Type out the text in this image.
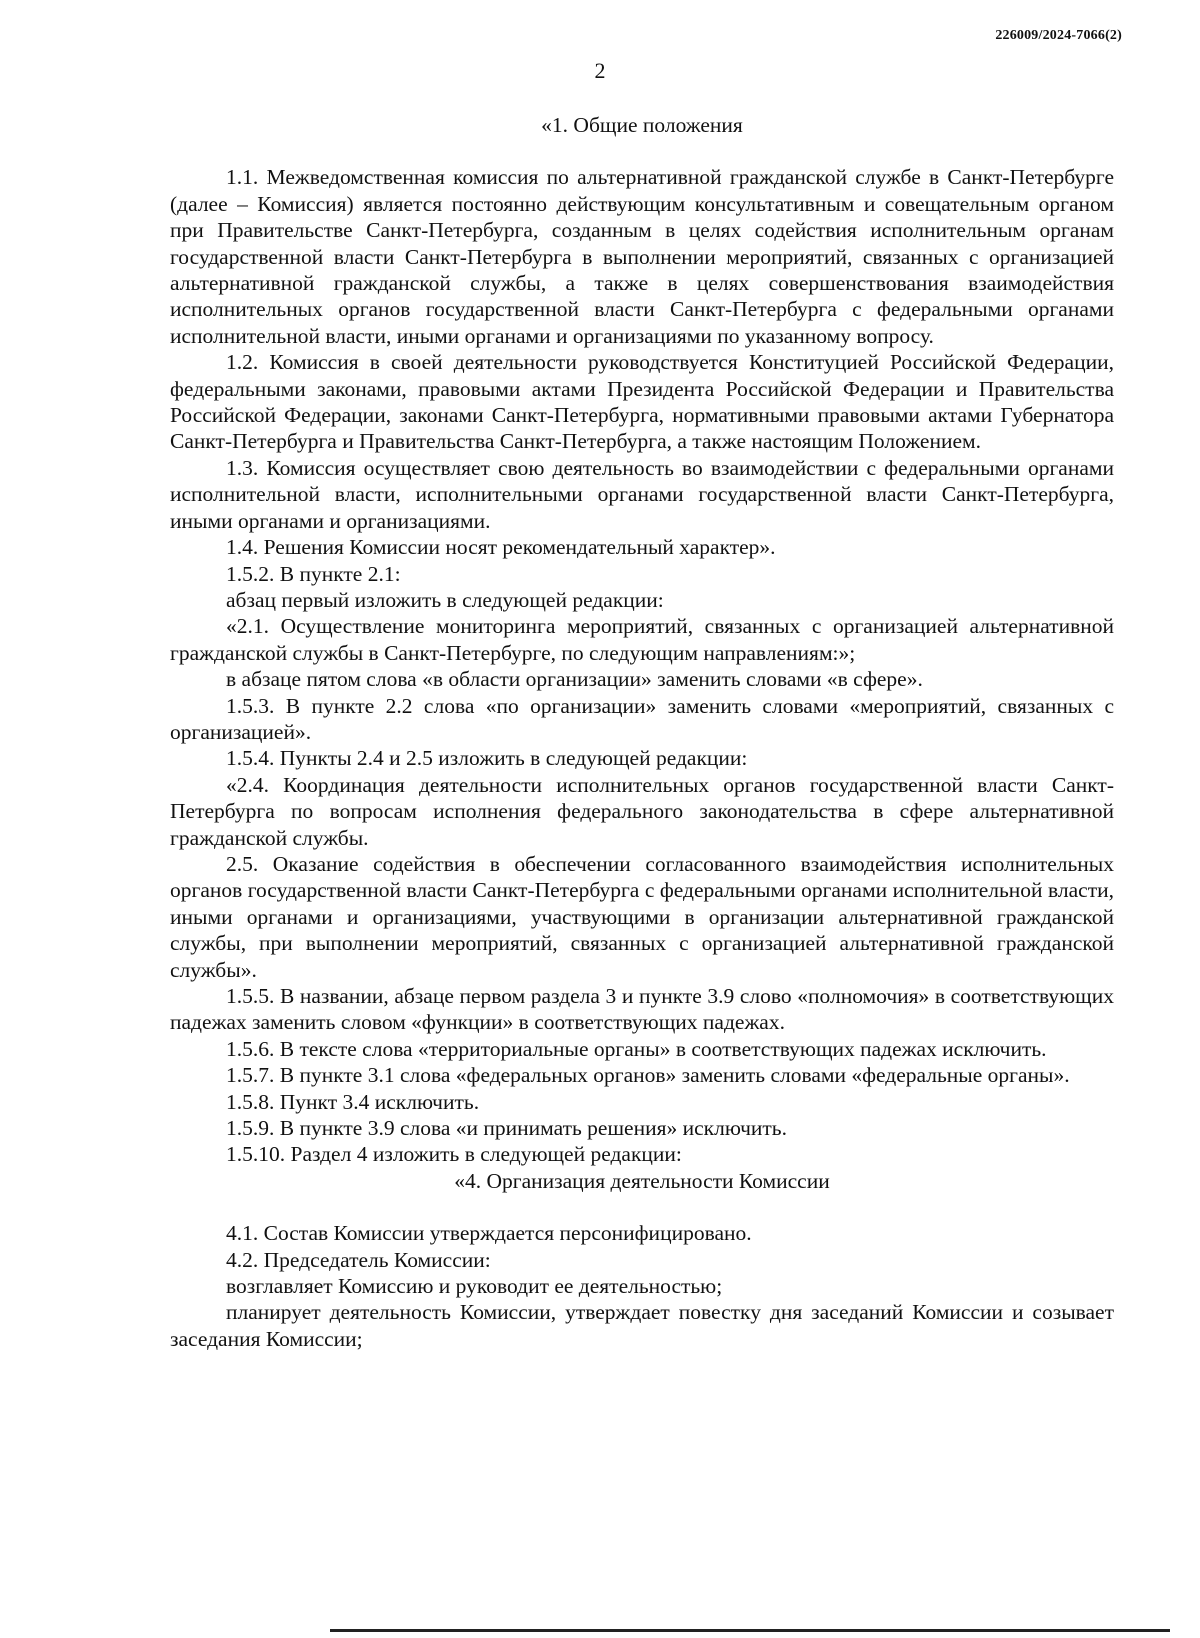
226009/2024-7066(2)
2
«1. Общие положения

1.1. Межведомственная комиссия по альтернативной гражданской службе в Санкт-Петербурге (далее – Комиссия) является постоянно действующим консультативным и совещательным органом при Правительстве Санкт-Петербурга, созданным в целях содействия исполнительным органам государственной власти Санкт-Петербурга в выполнении мероприятий, связанных с организацией альтернативной гражданской службы, а также в целях совершенствования взаимодействия исполнительных органов государственной власти Санкт-Петербурга с федеральными органами исполнительной власти, иными органами и организациями по указанному вопросу.

1.2. Комиссия в своей деятельности руководствуется Конституцией Российской Федерации, федеральными законами, правовыми актами Президента Российской Федерации и Правительства Российской Федерации, законами Санкт-Петербурга, нормативными правовыми актами Губернатора Санкт-Петербурга и Правительства Санкт-Петербурга, а также настоящим Положением.

1.3. Комиссия осуществляет свою деятельность во взаимодействии с федеральными органами исполнительной власти, исполнительными органами государственной власти Санкт-Петербурга, иными органами и организациями.

1.4. Решения Комиссии носят рекомендательный характер».

1.5.2. В пункте 2.1:

абзац первый изложить в следующей редакции:

«2.1. Осуществление мониторинга мероприятий, связанных с организацией альтернативной гражданской службы в Санкт-Петербурге, по следующим направлениям:»;

в абзаце пятом слова «в области организации» заменить словами «в сфере».

1.5.3. В пункте 2.2 слова «по организации» заменить словами «мероприятий, связанных с организацией».

1.5.4. Пункты 2.4 и 2.5 изложить в следующей редакции:

«2.4. Координация деятельности исполнительных органов государственной власти Санкт-Петербурга по вопросам исполнения федерального законодательства в сфере альтернативной гражданской службы.

2.5. Оказание содействия в обеспечении согласованного взаимодействия исполнительных органов государственной власти Санкт-Петербурга с федеральными органами исполнительной власти, иными органами и организациями, участвующими в организации альтернативной гражданской службы, при выполнении мероприятий, связанных с организацией альтернативной гражданской службы».

1.5.5. В названии, абзаце первом раздела 3 и пункте 3.9 слово «полномочия» в соответствующих падежах заменить словом «функции» в соответствующих падежах.

1.5.6. В тексте слова «территориальные органы» в соответствующих падежах исключить.

1.5.7. В пункте 3.1 слова «федеральных органов» заменить словами «федеральные органы».

1.5.8. Пункт 3.4 исключить.

1.5.9. В пункте 3.9 слова «и принимать решения» исключить.

1.5.10. Раздел 4 изложить в следующей редакции:

«4. Организация деятельности Комиссии

4.1. Состав Комиссии утверждается персонифицировано.

4.2. Председатель Комиссии:

возглавляет Комиссию и руководит ее деятельностью;

планирует деятельность Комиссии, утверждает повестку дня заседаний Комиссии и созывает заседания Комиссии;
